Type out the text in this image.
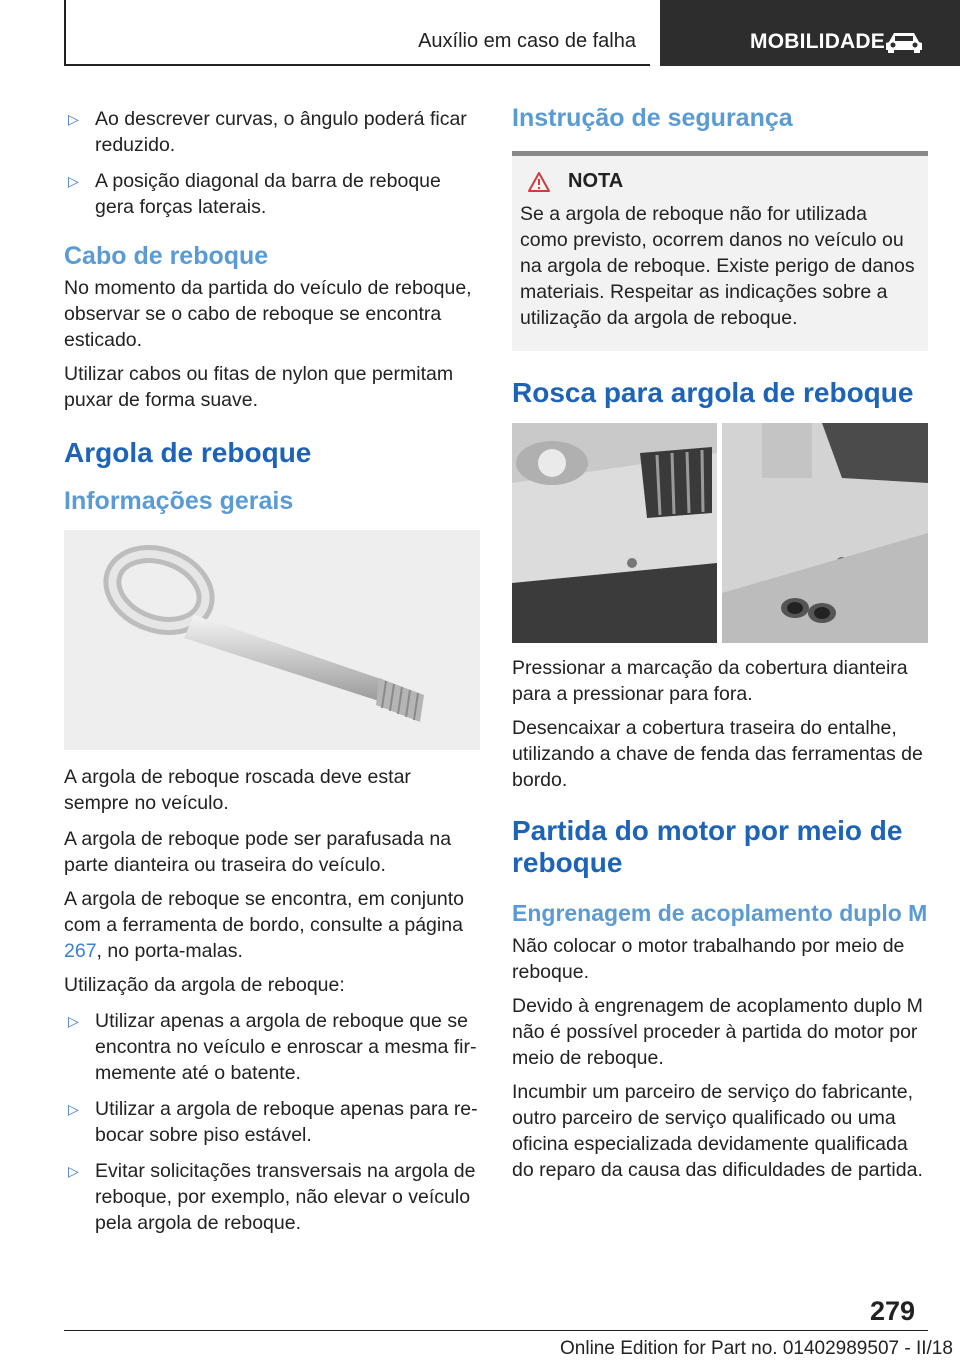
Auxílio em caso de falha	MOBILIDADE
▷ Ao descrever curvas, o ângulo poderá ficar reduzido.
▷ A posição diagonal da barra de reboque gera forças laterais.
Cabo de reboque
No momento da partida do veículo de reboque, observar se o cabo de reboque se encontra esticado.
Utilizar cabos ou fitas de nylon que permitam puxar de forma suave.
Argola de reboque
Informações gerais
A argola de reboque roscada deve estar sempre no veículo.
A argola de reboque pode ser parafusada na parte dianteira ou traseira do veículo.
A argola de reboque se encontra, em conjunto com a ferramenta de bordo, consulte a página 267, no porta-malas.
Utilização da argola de reboque:
▷ Utilizar apenas a argola de reboque que se encontra no veículo e enroscar a mesma firmemente até o batente.
▷ Utilizar a argola de reboque apenas para rebocar sobre piso estável.
▷ Evitar solicitações transversais na argola de reboque, por exemplo, não elevar o veículo pela argola de reboque.
Instrução de segurança
NOTA
Se a argola de reboque não for utilizada como previsto, ocorrem danos no veículo ou na argola de reboque. Existe perigo de danos materiais. Respeitar as indicações sobre a utilização da argola de reboque.
Rosca para argola de reboque
Pressionar a marcação da cobertura dianteira para a pressionar para fora.
Desencaixar a cobertura traseira do entalhe, utilizando a chave de fenda das ferramentas de bordo.
Partida do motor por meio de reboque
Engrenagem de acoplamento duplo M
Não colocar o motor trabalhando por meio de reboque.
Devido à engrenagem de acoplamento duplo M não é possível proceder à partida do motor por meio de reboque.
Incumbir um parceiro de serviço do fabricante, outro parceiro de serviço qualificado ou uma oficina especializada devidamente qualificada do reparo da causa das dificuldades de partida.
279
Online Edition for Part no. 01402989507 - II/18
